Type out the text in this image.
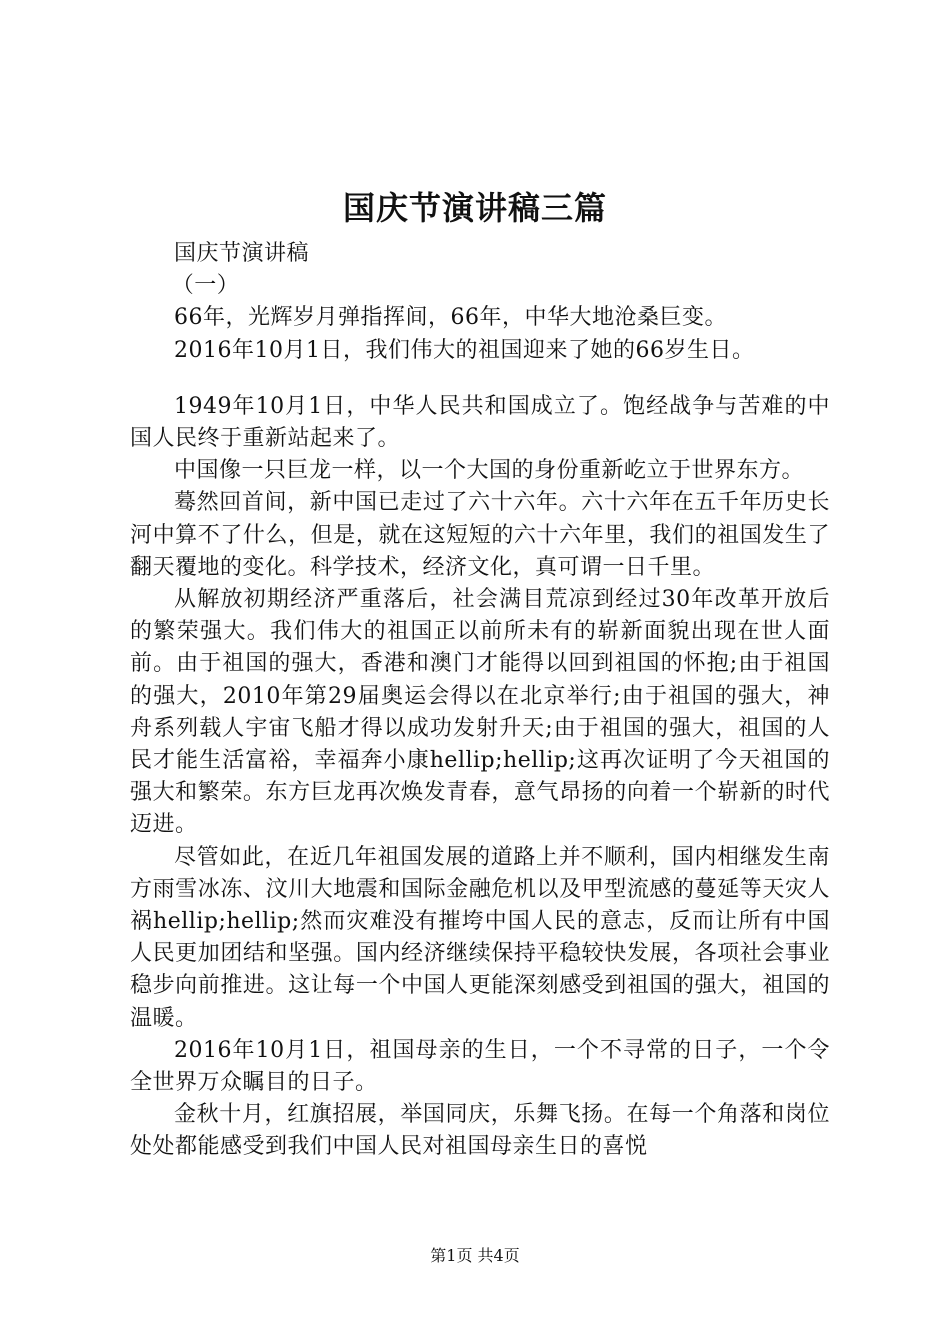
国庆节演讲稿三篇

国庆节演讲稿

（一）

66年，光辉岁月弹指挥间，66年，中华大地沧桑巨变。

2016年10月1日，我们伟大的祖国迎来了她的66岁生日。

1949年10月1日，中华人民共和国成立了。饱经战争与苦难的中国人民终于重新站起来了。

中国像一只巨龙一样，以一个大国的身份重新屹立于世界东方。

蓦然回首间，新中国已走过了六十六年。六十六年在五千年历史长河中算不了什么，但是，就在这短短的六十六年里，我们的祖国发生了翻天覆地的变化。科学技术，经济文化，真可谓一日千里。

从解放初期经济严重落后，社会满目荒凉到经过30年改革开放后的繁荣强大。我们伟大的祖国正以前所未有的崭新面貌出现在世人面前。由于祖国的强大，香港和澳门才能得以回到祖国的怀抱;由于祖国的强大，2010年第29届奥运会得以在北京举行;由于祖国的强大，神舟系列载人宇宙飞船才得以成功发射升天;由于祖国的强大，祖国的人民才能生活富裕，幸福奔小康hellip;hellip;这再次证明了今天祖国的强大和繁荣。东方巨龙再次焕发青春，意气昂扬的向着一个崭新的时代迈进。

尽管如此，在近几年祖国发展的道路上并不顺利，国内相继发生南方雨雪冰冻、汶川大地震和国际金融危机以及甲型流感的蔓延等天灾人祸hellip;hellip;然而灾难没有摧垮中国人民的意志，反而让所有中国人民更加团结和坚强。国内经济继续保持平稳较快发展，各项社会事业稳步向前推进。这让每一个中国人更能深刻感受到祖国的强大，祖国的温暖。

2016年10月1日，祖国母亲的生日，一个不寻常的日子，一个令全世界万众瞩目的日子。

金秋十月，红旗招展，举国同庆，乐舞飞扬。在每一个角落和岗位处处都能感受到我们中国人民对祖国母亲生日的喜悦

第1页 共4页
